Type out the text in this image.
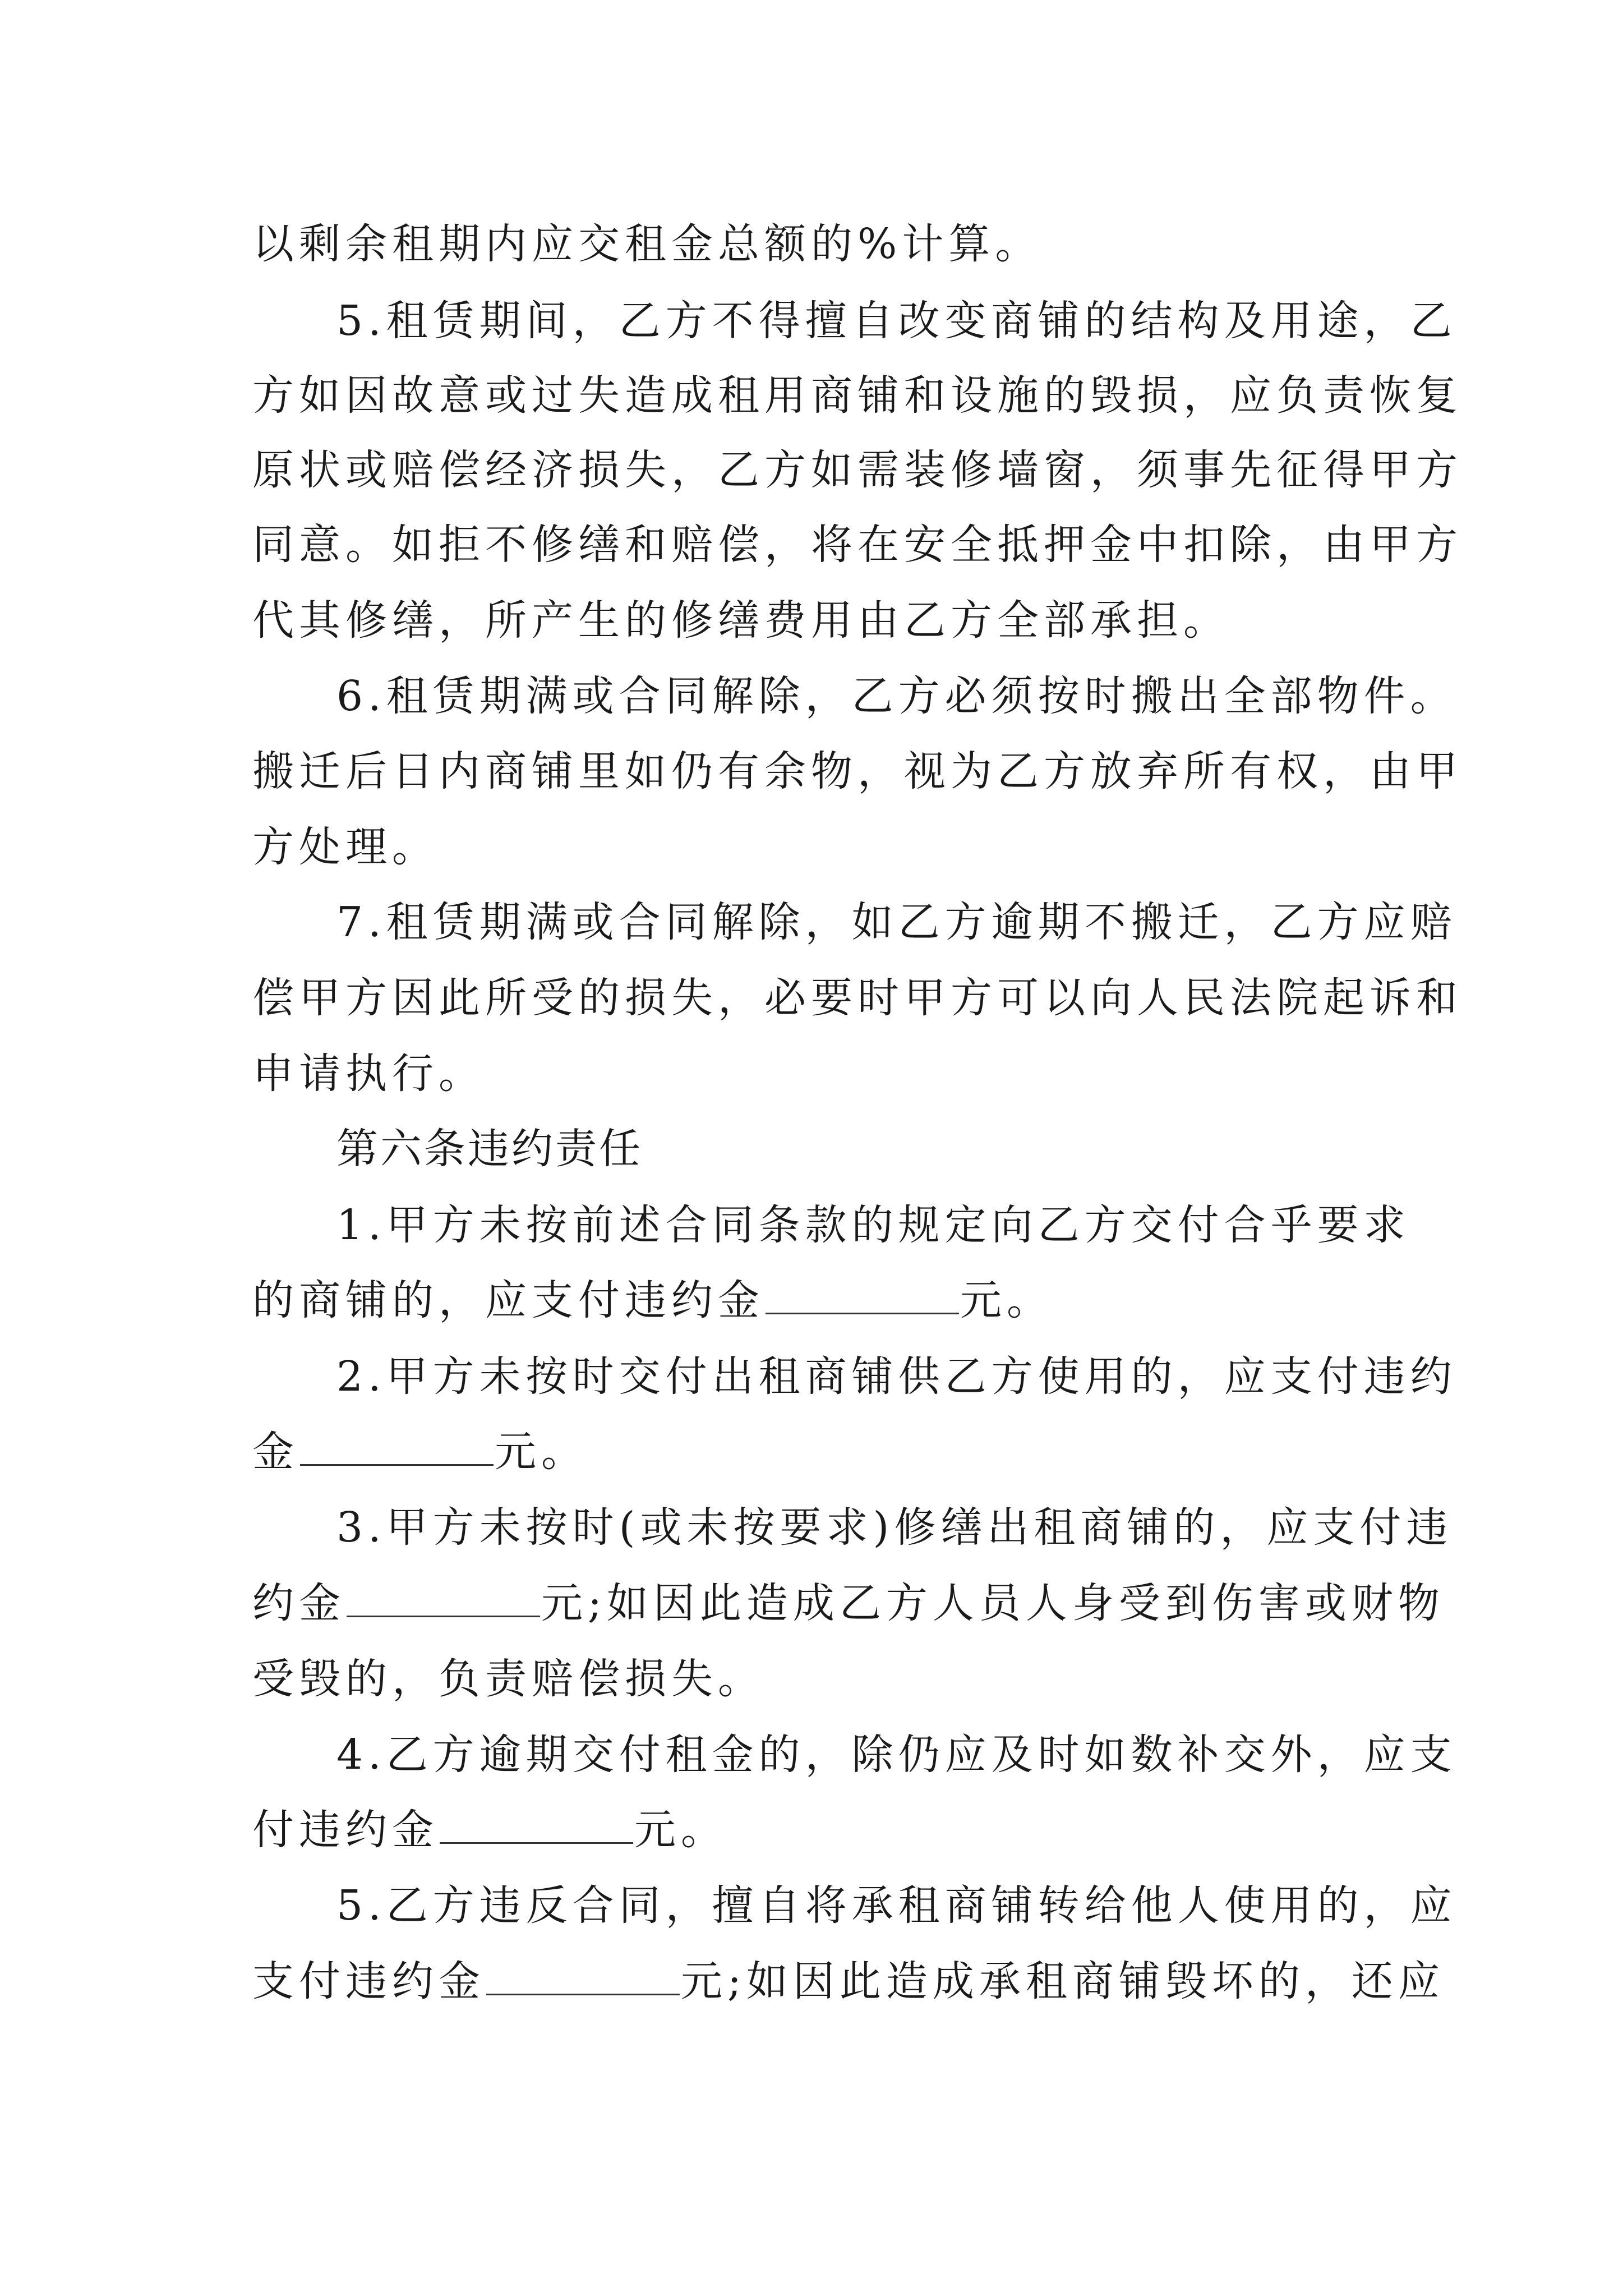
以剩余租期内应交租金总额的%计算。
5.租赁期间，乙方不得擅自改变商铺的结构及用途，乙
方如因故意或过失造成租用商铺和设施的毁损，应负责恢复
原状或赔偿经济损失，乙方如需装修墙窗，须事先征得甲方
同意。如拒不修缮和赔偿，将在安全抵押金中扣除，由甲方
代其修缮，所产生的修缮费用由乙方全部承担。
6.租赁期满或合同解除，乙方必须按时搬出全部物件。
搬迁后日内商铺里如仍有余物，视为乙方放弃所有权，由甲
方处理。
7.租赁期满或合同解除，如乙方逾期不搬迁，乙方应赔
偿甲方因此所受的损失，必要时甲方可以向人民法院起诉和
申请执行。
第六条违约责任
1.甲方未按前述合同条款的规定向乙方交付合乎要求
的商铺的，应支付违约金	元。
2.甲方未按时交付出租商铺供乙方使用的，应支付违约
金	元。
3.甲方未按时(或未按要求)修缮出租商铺的，应支付违
约金	元;如因此造成乙方人员人身受到伤害或财物
受毁的，负责赔偿损失。
4.乙方逾期交付租金的，除仍应及时如数补交外，应支
付违约金	元。
5.乙方违反合同，擅自将承租商铺转给他人使用的，应
支付违约金	元;如因此造成承租商铺毁坏的，还应
